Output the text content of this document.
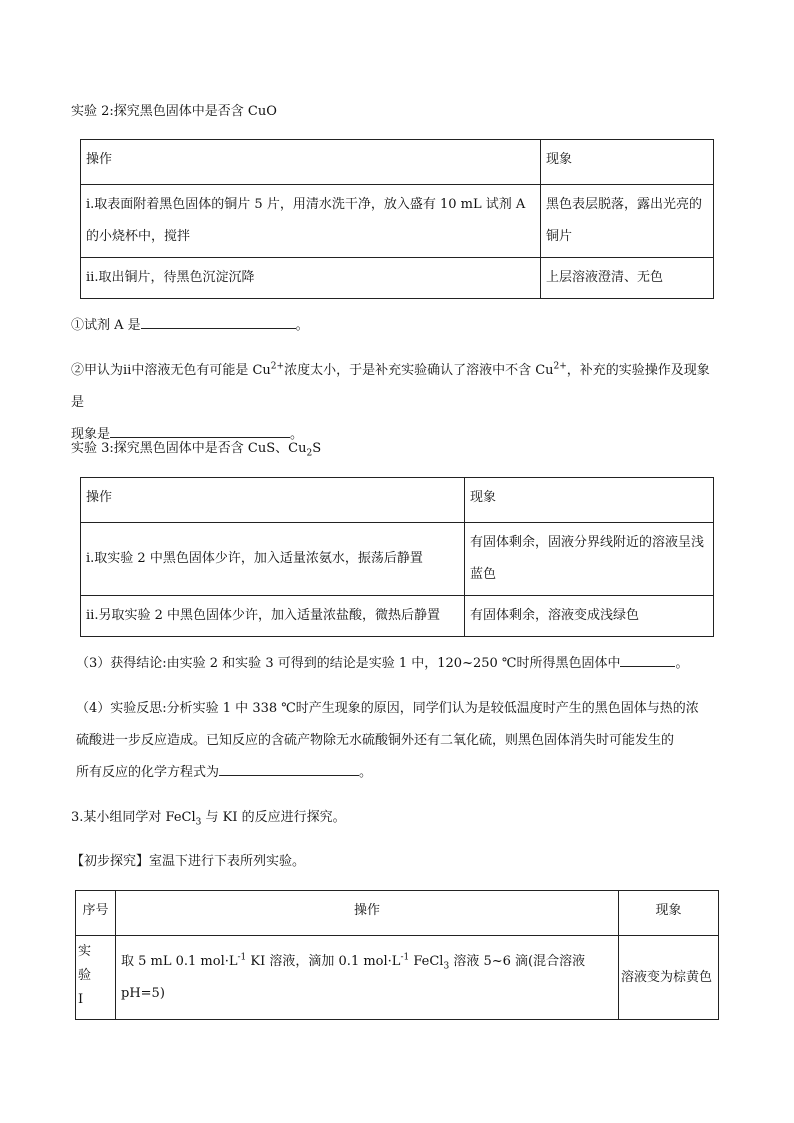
实验 2:探究黑色固体中是否含 CuO
操作	现象
i.取表面附着黑色固体的铜片 5 片，用清水洗干净，放入盛有 10 mL 试剂 A 的小烧杯中，搅拌	黑色表层脱落，露出光亮的铜片
ⅱ.取出铜片，待黑色沉淀沉降	上层溶液澄清、无色
①试剂 A 是	。
②甲认为ⅱ中溶液无色有可能是 $Cu^{2+}$浓度太小，于是补充实验确认了溶液中不含 $Cu^{2+}$，补充的实验操作及现象是
现象是	。
实验 3:探究黑色固体中是否含 CuS、$Cu_2S$
操作	现象
i.取实验 2 中黑色固体少许，加入适量浓氨水，振荡后静置	有固体剩余，固液分界线附近的溶液呈浅蓝色
ⅱ.另取实验 2 中黑色固体少许，加入适量浓盐酸，微热后静置	有固体剩余，溶液变成浅绿色
（3）获得结论:由实验 2 和实验 3 可得到的结论是实验 1 中，120~250 ℃时所得黑色固体中	。
（4）实验反思:分析实验 1 中 338 ℃时产生现象的原因，同学们认为是较低温度时产生的黑色固体与热的浓
硫酸进一步反应造成。已知反应的含硫产物除无水硫酸铜外还有二氧化硫，则黑色固体消失时可能发生的
所有反应的化学方程式为	。
3.某小组同学对 FeCl$_3$ 与 KI 的反应进行探究。
【初步探究】室温下进行下表所列实验。
序号	操作	现象
实 验 I	取 5 mL 0.1 $mol\cdot L^{-1}$ KI 溶液，滴加 0.1 $mol\cdot L^{-1}$ FeCl$_3$ 溶液 5~6 滴(混合溶液 pH=5)	溶液变为棕黄色
